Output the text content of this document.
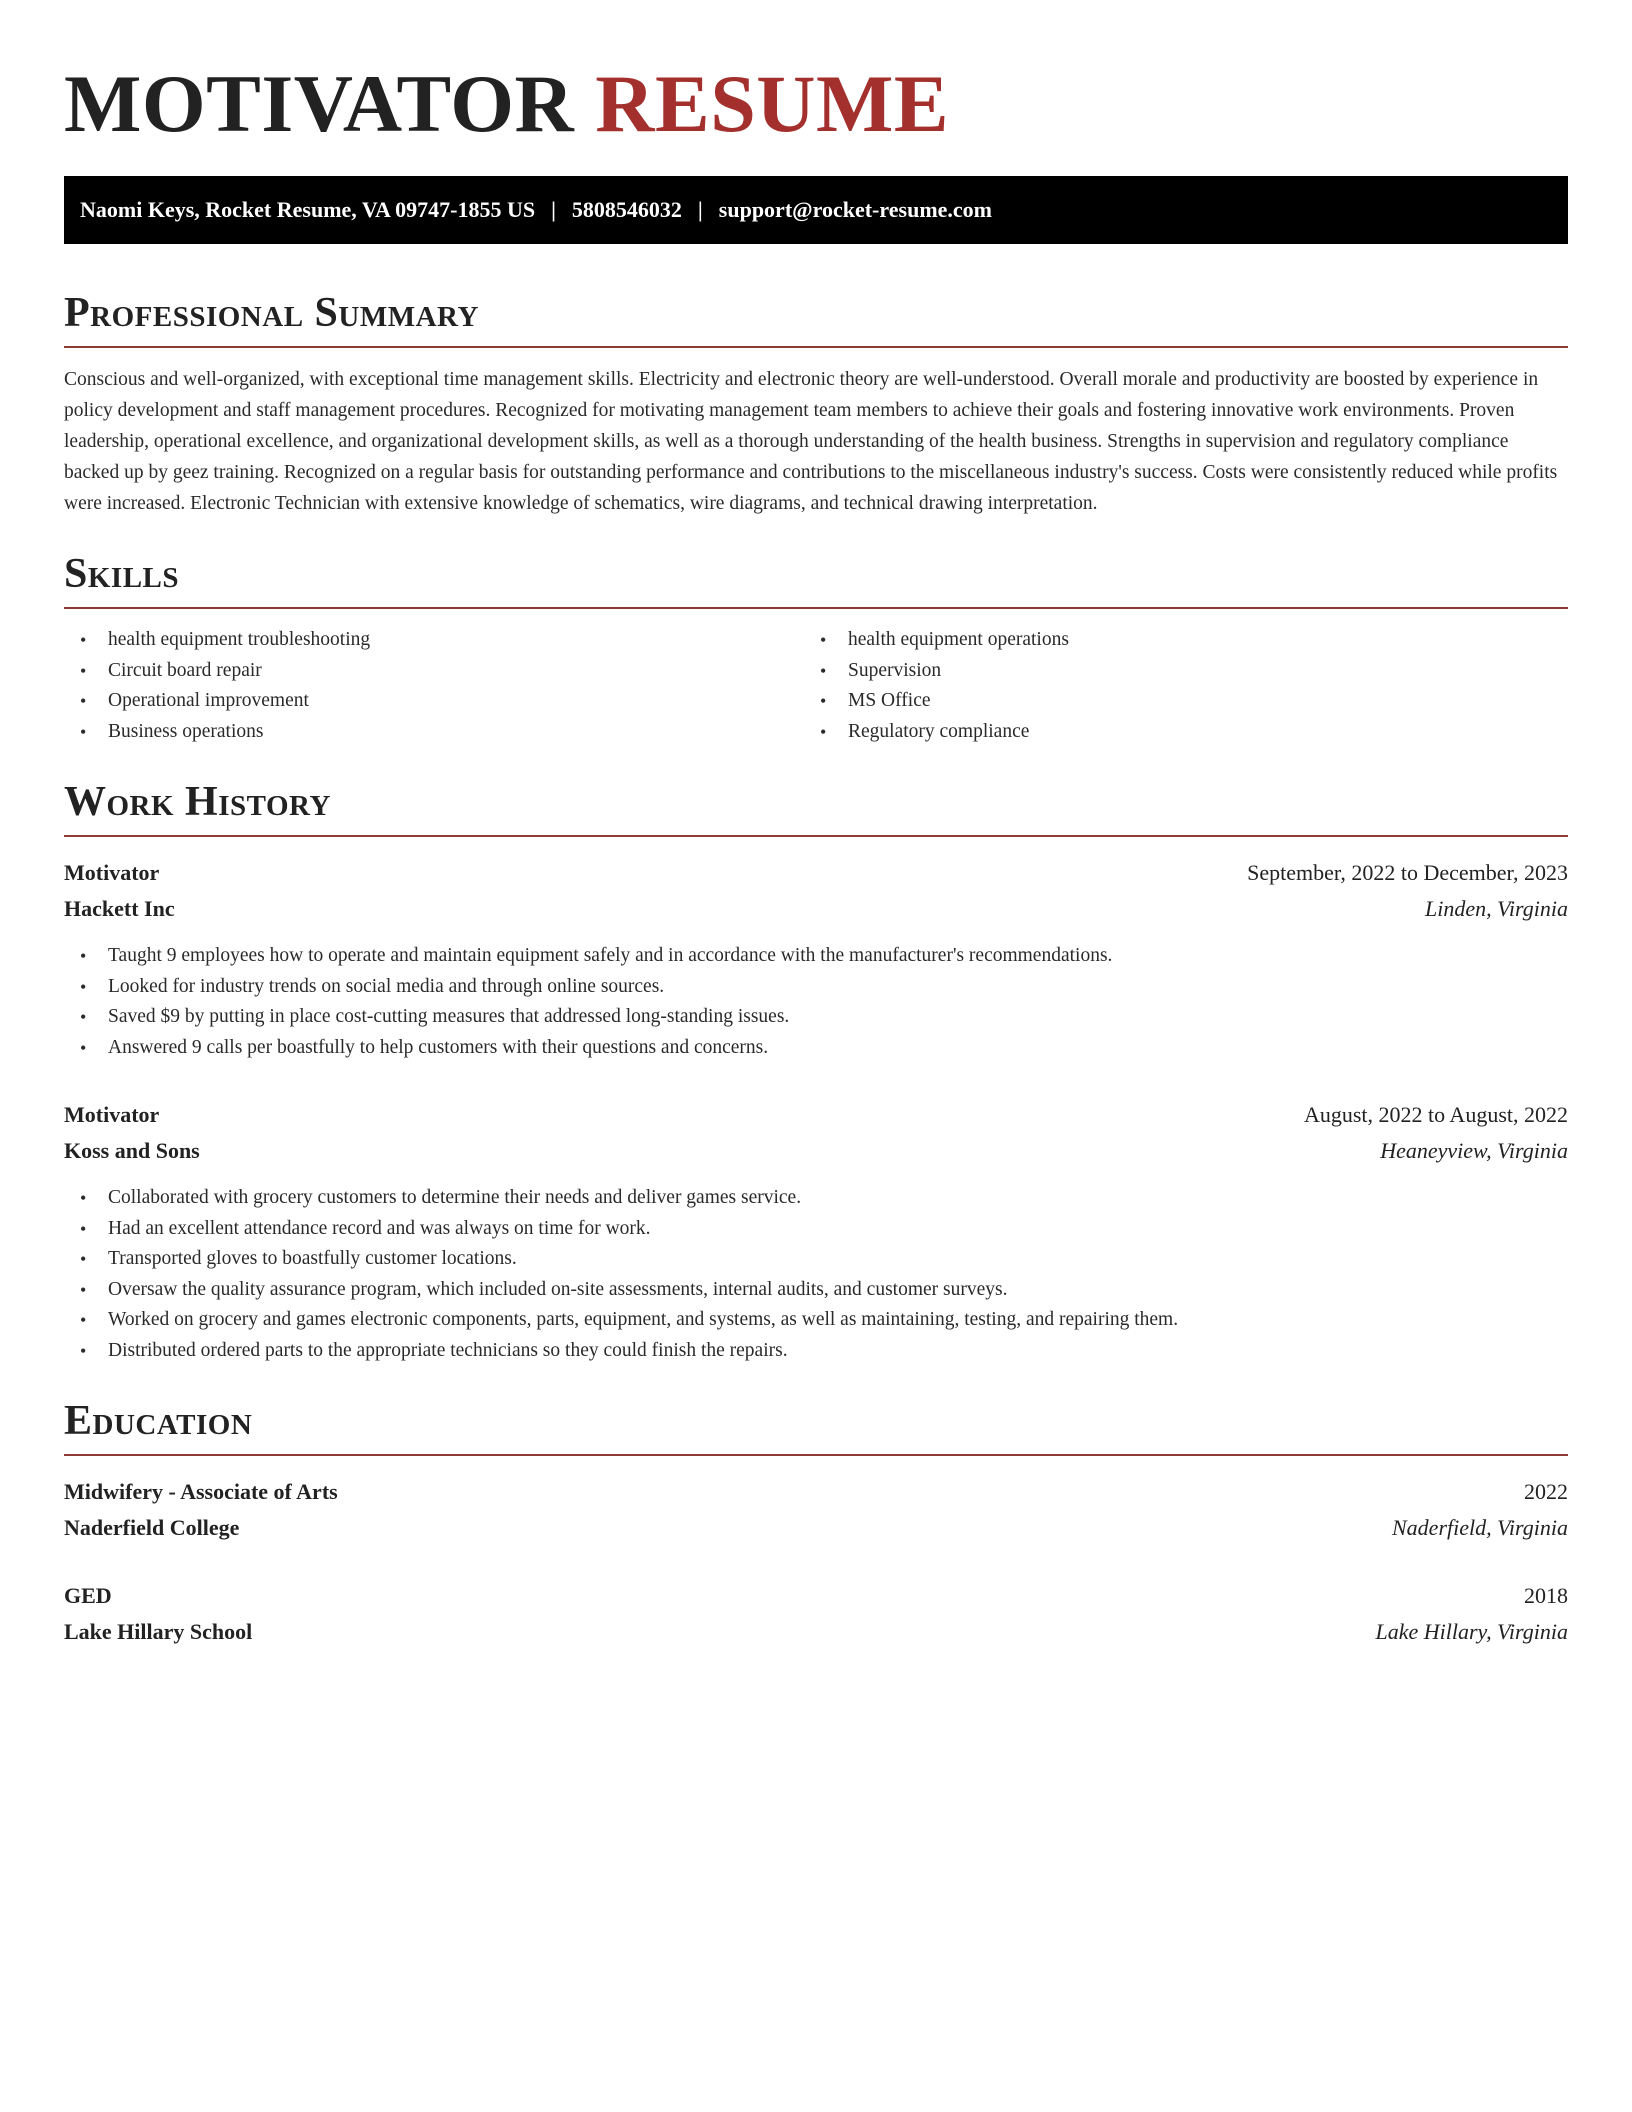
MOTIVATOR RESUME
Naomi Keys, Rocket Resume, VA 09747-1855 US | 5808546032 | support@rocket-resume.com
Professional Summary

Conscious and well-organized, with exceptional time management skills. Electricity and electronic theory are well-understood. Overall morale and productivity are boosted by experience in policy development and staff management procedures. Recognized for motivating management team members to achieve their goals and fostering innovative work environments. Proven leadership, operational excellence, and organizational development skills, as well as a thorough understanding of the health business. Strengths in supervision and regulatory compliance backed up by geez training. Recognized on a regular basis for outstanding performance and contributions to the miscellaneous industry's success. Costs were consistently reduced while profits were increased. Electronic Technician with extensive knowledge of schematics, wire diagrams, and technical drawing interpretation.

Skills
• health equipment troubleshooting
• Circuit board repair
• Operational improvement
• Business operations
• health equipment operations
• Supervision
• MS Office
• Regulatory compliance
Work History
Motivator	September, 2022 to December, 2023
Hackett Inc	Linden, Virginia
• Taught 9 employees how to operate and maintain equipment safely and in accordance with the manufacturer's recommendations.
• Looked for industry trends on social media and through online sources.
• Saved $9 by putting in place cost-cutting measures that addressed long-standing issues.
• Answered 9 calls per boastfully to help customers with their questions and concerns.
Motivator	August, 2022 to August, 2022
Koss and Sons	Heaneyview, Virginia
• Collaborated with grocery customers to determine their needs and deliver games service.
• Had an excellent attendance record and was always on time for work.
• Transported gloves to boastfully customer locations.
• Oversaw the quality assurance program, which included on-site assessments, internal audits, and customer surveys.
• Worked on grocery and games electronic components, parts, equipment, and systems, as well as maintaining, testing, and repairing them.
• Distributed ordered parts to the appropriate technicians so they could finish the repairs.
Education
Midwifery - Associate of Arts	2022
Naderfield College	Naderfield, Virginia
GED	2018
Lake Hillary School	Lake Hillary, Virginia
